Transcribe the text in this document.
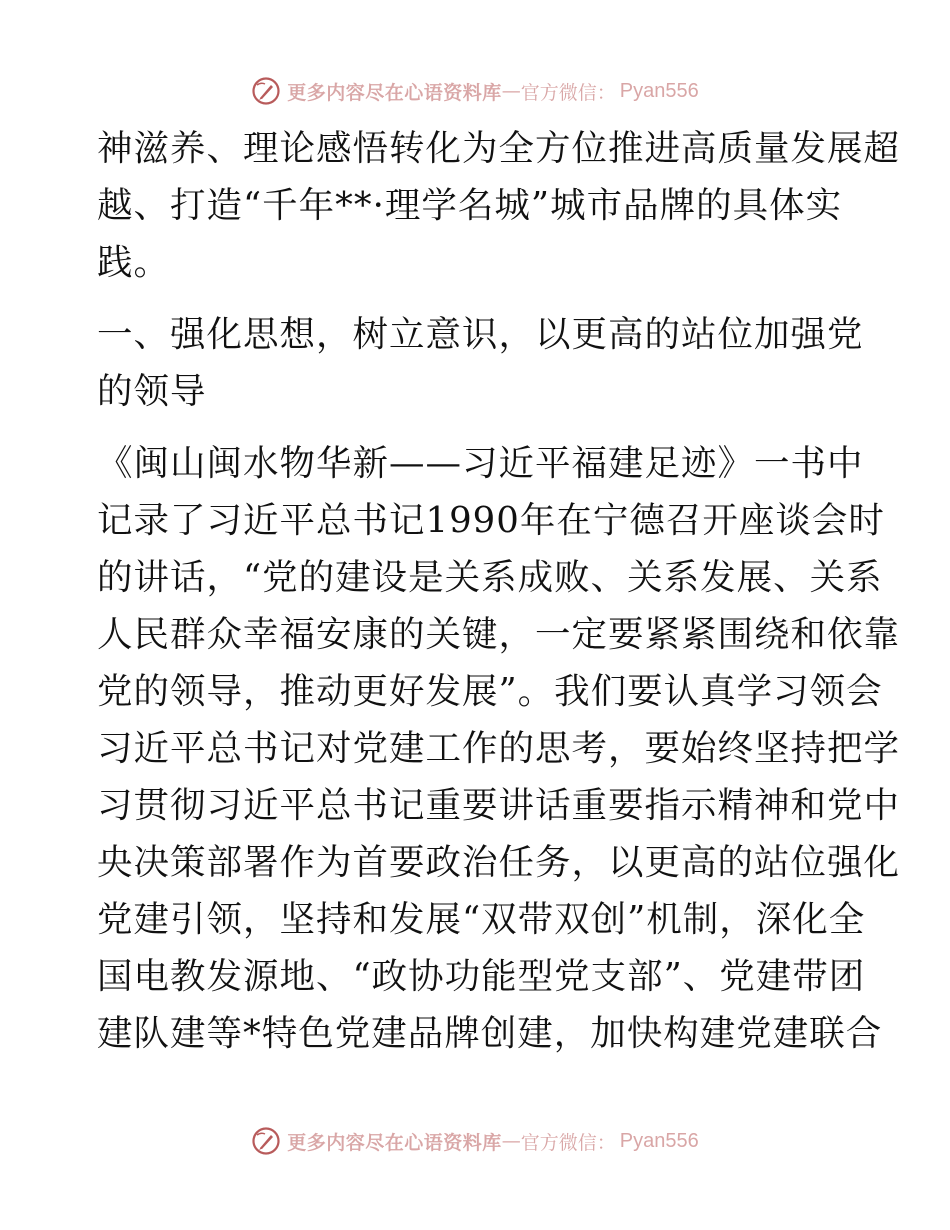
更多内容尽在心语资料库 — 官方微信： Pyan556
神滋养、理论感悟转化为全方位推进高质量发展超
越、打造“千年**·理学名城”城市品牌的具体实
践。
一、强化思想，树立意识，以更高的站位加强党
的领导
《闽山闽水物华新——习近平福建足迹》一书中
记录了习近平总书记1990年在宁德召开座谈会时
的讲话，“党的建设是关系成败、关系发展、关系
人民群众幸福安康的关键，一定要紧紧围绕和依靠
党的领导，推动更好发展”。我们要认真学习领会
习近平总书记对党建工作的思考，要始终坚持把学
习贯彻习近平总书记重要讲话重要指示精神和党中
央决策部署作为首要政治任务，以更高的站位强化
党建引领，坚持和发展“双带双创”机制，深化全
国电教发源地、“政协功能型党支部”、党建带团
建队建等*特色党建品牌创建，加快构建党建联合
更多内容尽在心语资料库 — 官方微信： Pyan556
